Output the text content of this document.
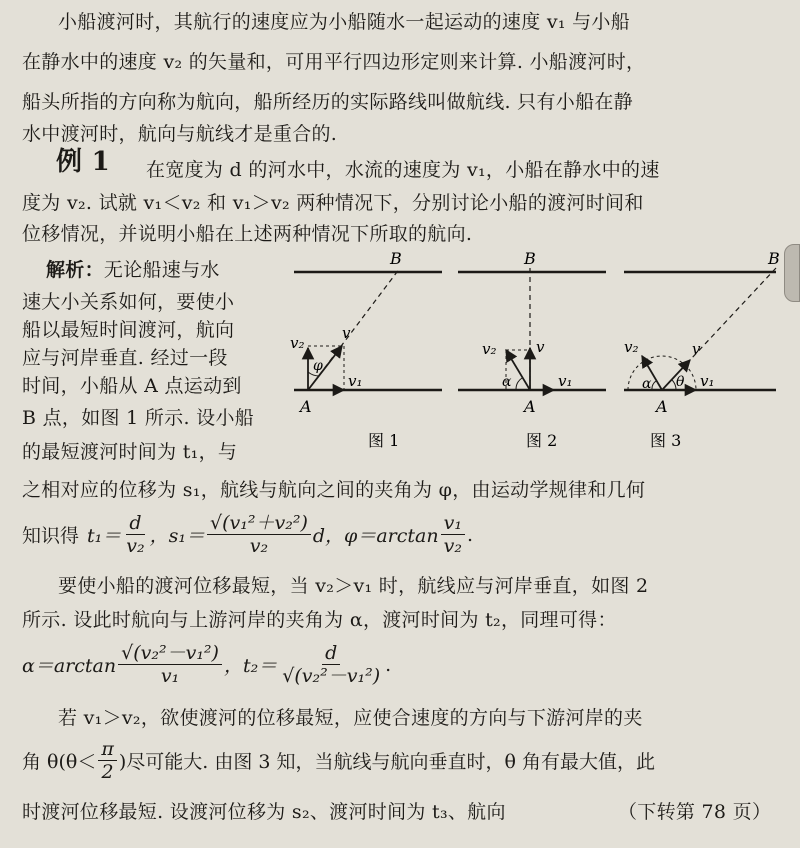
小船渡河时，其航行的速度应为小船随水一起运动的速度 v₁ 与小船
在静水中的速度 v₂ 的矢量和，可用平行四边形定则来计算. 小船渡河时，
船头所指的方向称为航向，船所经历的实际路线叫做航线. 只有小船在静
水中渡河时，航向与航线才是重合的.
例 1 在宽度为 d 的河水中，水流的速度为 v₁，小船在静水中的速
度为 v₂. 试就 v₁＜v₂ 和 v₁＞v₂ 两种情况下，分别讨论小船的渡河时间和
位移情况，并说明小船在上述两种情况下所取的航向.
解析：无论船速与水
速大小关系如何，要使小
船以最短时间渡河，航向
应与河岸垂直. 经过一段
时间，小船从 A 点运动到
B 点，如图 1 所示. 设小船
的最短渡河时间为 t₁，与
之相对应的位移为 s₁，航线与航向之间的夹角为 φ，由运动学规律和几何
知识得 $t_1= \frac{d}{\text{v₂}}$ ，$s_1= \frac{\text{√(v₁²＋v₂²)}}{\text{v₂}}$ d，$\varphi=\arctan \frac{\text{v₁}}{\text{v₂}}$ .
要使小船的渡河位移最短，当 v₂＞v₁ 时，航线应与河岸垂直，如图 2
所示. 设此时航向与上游河岸的夹角为 α，渡河时间为 t₂，同理可得：
$\alpha=\arctan \frac{\text{√(v₂²－v₁²)}}{\text{v₁}}$ ，$t_2= \frac{d}{\text{√(v₂²－v₁²)}}$ .
若 v₁＞v₂，欲使渡河的位移最短，应使合速度的方向与下游河岸的夹
角 $\theta(\theta< \frac{\pi}{2}$ )尽可能大. 由图 3 知，当航线与航向垂直时，θ 角有最大值，此
时渡河位移最短. 设渡河位移为 s₂、渡河时间为 t₃、航向	（下转第 78 页）
B
A
v₂
v₁
v
φ
图 1
B
A
v₂
v₁
v
α
图 2
B
A
v₂
v₁
v
α θ
图 3
